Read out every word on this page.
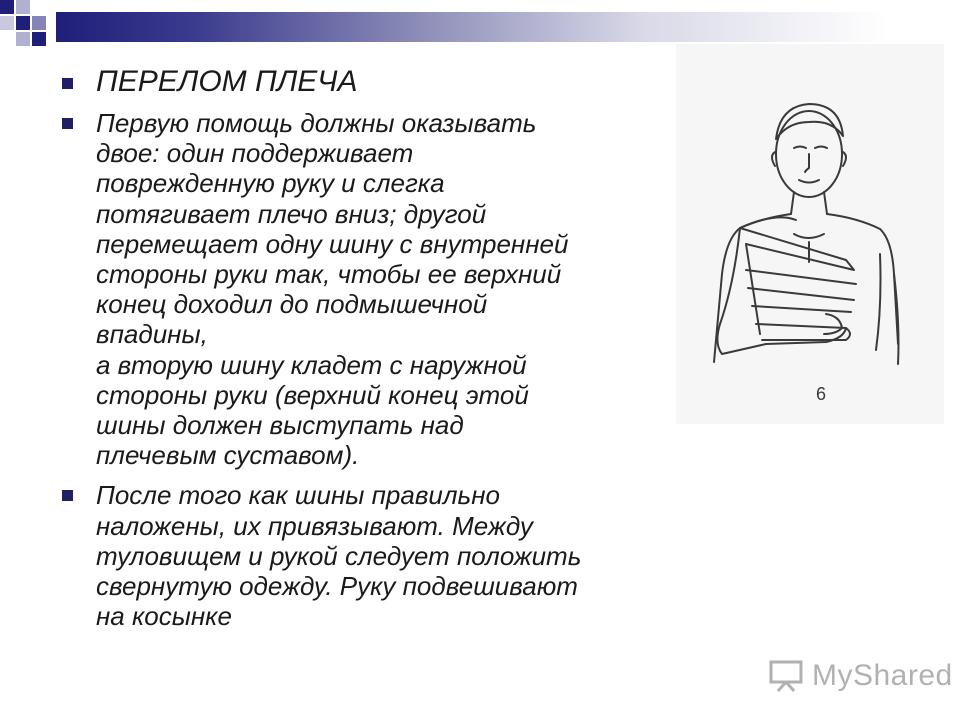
ПЕРЕЛОМ ПЛЕЧА

Первую помощь должны оказывать

двое: один поддерживает

поврежденную руку и слегка

потягивает плечо вниз; другой

перемещает одну шину с внутренней

стороны руки так, чтобы ее верхний

конец доходил до подмышечной

впадины,

а вторую шину кладет с наружной

стороны руки (верхний конец этой

шины должен выступать над

плечевым суставом).

После того как шины правильно

наложены, их привязывают. Между

туловищем и рукой следует положить

свернутую одежду. Руку подвешивают

на косынке

6
MyShared
